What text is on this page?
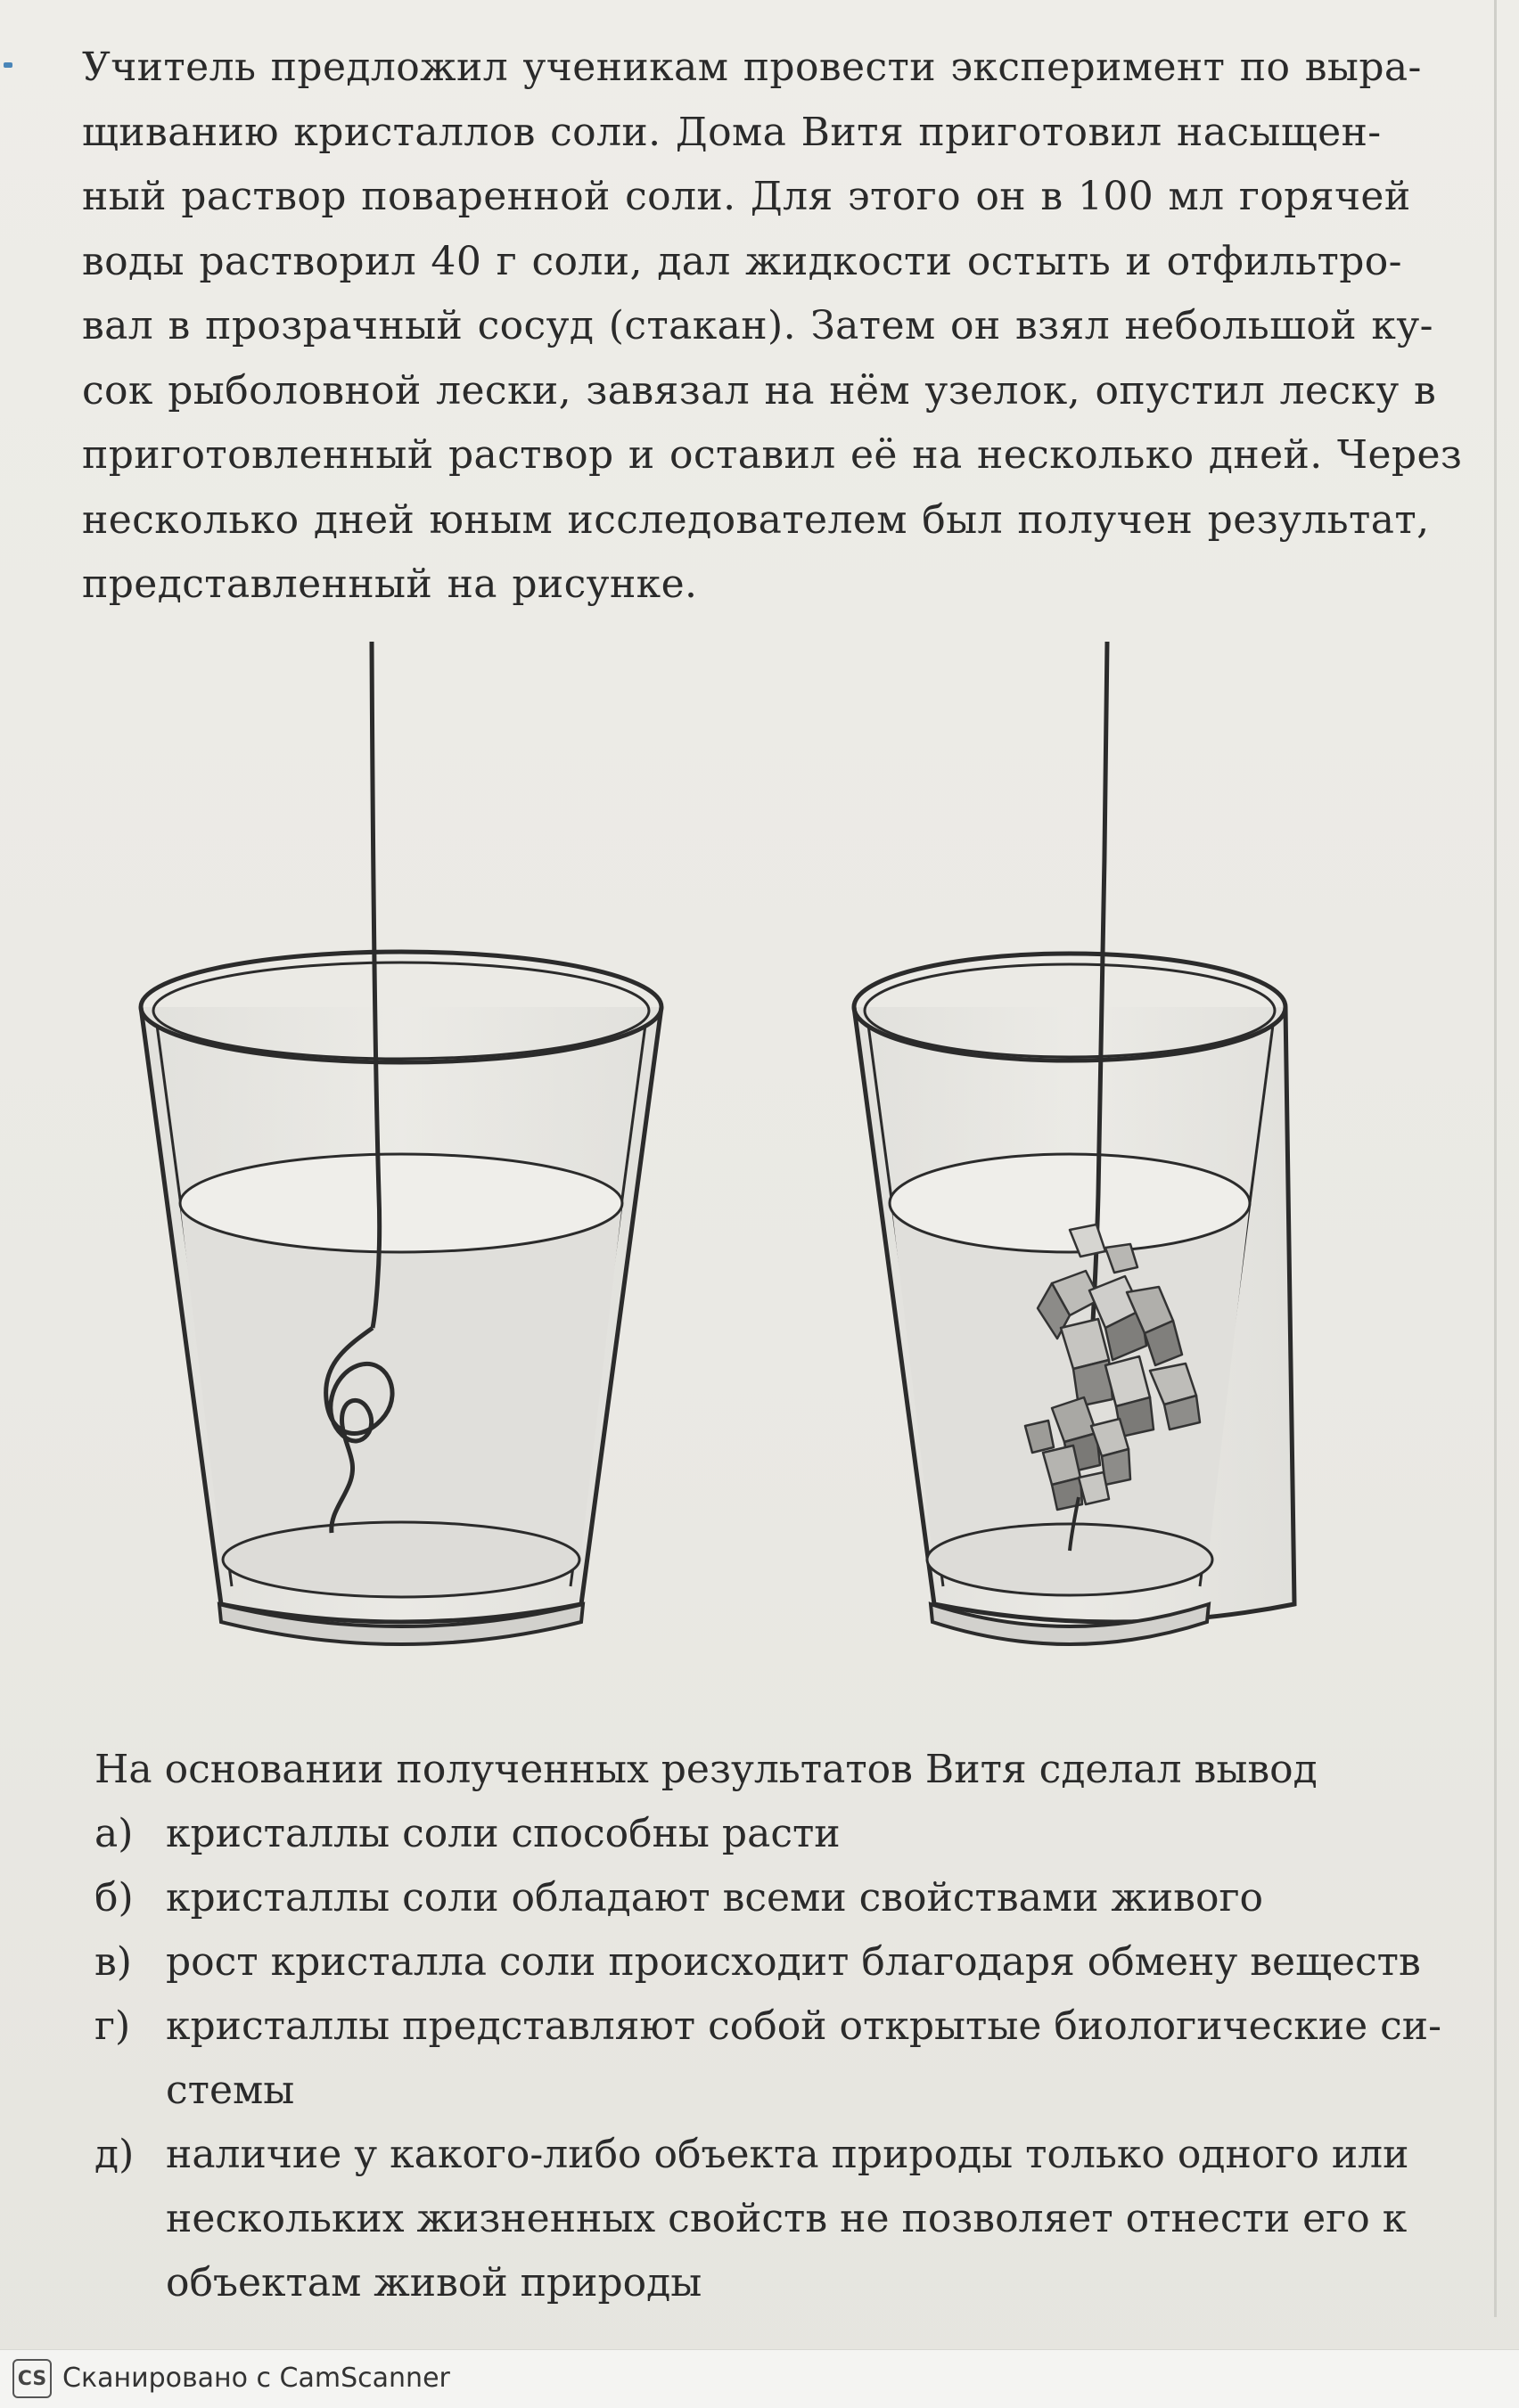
Учитель предложил ученикам провести эксперимент по выра-
щиванию кристаллов соли. Дома Витя приготовил насыщен-
ный раствор поваренной соли. Для этого он в 100 мл горячей
воды растворил 40 г соли, дал жидкости остыть и отфильтро-
вал в прозрачный сосуд (стакан). Затем он взял небольшой ку-
сок рыболовной лески, завязал на нём узелок, опустил леску в
приготовленный раствор и оставил её на несколько дней. Через
несколько дней юным исследователем был получен результат,
представленный на рисунке.
На основании полученных результатов Витя сделал вывод
а) кристаллы соли способны расти
б) кристаллы соли обладают всеми свойствами живого
в) рост кристалла соли происходит благодаря обмену веществ
г) кристаллы представляют собой открытые биологические си-
стемы
д) наличие у какого-либо объекта природы только одного или
нескольких жизненных свойств не позволяет отнести его к
объектам живой природы
CS Сканировано с CamScanner
